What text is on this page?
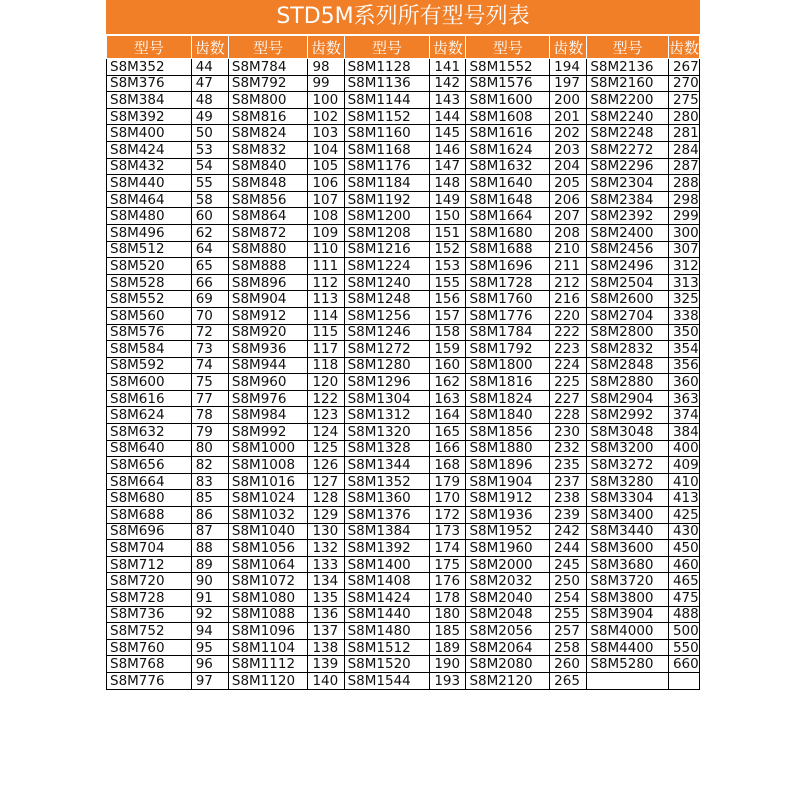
STD5M系列所有型号列表
型号	齿数	型号	齿数	型号	齿数	型号	齿数	型号	齿数
S8M352	44	S8M784	98	S8M1128	141	S8M1552	194	S8M2136	267
S8M376	47	S8M792	99	S8M1136	142	S8M1576	197	S8M2160	270
S8M384	48	S8M800	100	S8M1144	143	S8M1600	200	S8M2200	275
S8M392	49	S8M816	102	S8M1152	144	S8M1608	201	S8M2240	280
S8M400	50	S8M824	103	S8M1160	145	S8M1616	202	S8M2248	281
S8M424	53	S8M832	104	S8M1168	146	S8M1624	203	S8M2272	284
S8M432	54	S8M840	105	S8M1176	147	S8M1632	204	S8M2296	287
S8M440	55	S8M848	106	S8M1184	148	S8M1640	205	S8M2304	288
S8M464	58	S8M856	107	S8M1192	149	S8M1648	206	S8M2384	298
S8M480	60	S8M864	108	S8M1200	150	S8M1664	207	S8M2392	299
S8M496	62	S8M872	109	S8M1208	151	S8M1680	208	S8M2400	300
S8M512	64	S8M880	110	S8M1216	152	S8M1688	210	S8M2456	307
S8M520	65	S8M888	111	S8M1224	153	S8M1696	211	S8M2496	312
S8M528	66	S8M896	112	S8M1240	155	S8M1728	212	S8M2504	313
S8M552	69	S8M904	113	S8M1248	156	S8M1760	216	S8M2600	325
S8M560	70	S8M912	114	S8M1256	157	S8M1776	220	S8M2704	338
S8M576	72	S8M920	115	S8M1246	158	S8M1784	222	S8M2800	350
S8M584	73	S8M936	117	S8M1272	159	S8M1792	223	S8M2832	354
S8M592	74	S8M944	118	S8M1280	160	S8M1800	224	S8M2848	356
S8M600	75	S8M960	120	S8M1296	162	S8M1816	225	S8M2880	360
S8M616	77	S8M976	122	S8M1304	163	S8M1824	227	S8M2904	363
S8M624	78	S8M984	123	S8M1312	164	S8M1840	228	S8M2992	374
S8M632	79	S8M992	124	S8M1320	165	S8M1856	230	S8M3048	384
S8M640	80	S8M1000	125	S8M1328	166	S8M1880	232	S8M3200	400
S8M656	82	S8M1008	126	S8M1344	168	S8M1896	235	S8M3272	409
S8M664	83	S8M1016	127	S8M1352	179	S8M1904	237	S8M3280	410
S8M680	85	S8M1024	128	S8M1360	170	S8M1912	238	S8M3304	413
S8M688	86	S8M1032	129	S8M1376	172	S8M1936	239	S8M3400	425
S8M696	87	S8M1040	130	S8M1384	173	S8M1952	242	S8M3440	430
S8M704	88	S8M1056	132	S8M1392	174	S8M1960	244	S8M3600	450
S8M712	89	S8M1064	133	S8M1400	175	S8M2000	245	S8M3680	460
S8M720	90	S8M1072	134	S8M1408	176	S8M2032	250	S8M3720	465
S8M728	91	S8M1080	135	S8M1424	178	S8M2040	254	S8M3800	475
S8M736	92	S8M1088	136	S8M1440	180	S8M2048	255	S8M3904	488
S8M752	94	S8M1096	137	S8M1480	185	S8M2056	257	S8M4000	500
S8M760	95	S8M1104	138	S8M1512	189	S8M2064	258	S8M4400	550
S8M768	96	S8M1112	139	S8M1520	190	S8M2080	260	S8M5280	660
S8M776	97	S8M1120	140	S8M1544	193	S8M2120	265		
